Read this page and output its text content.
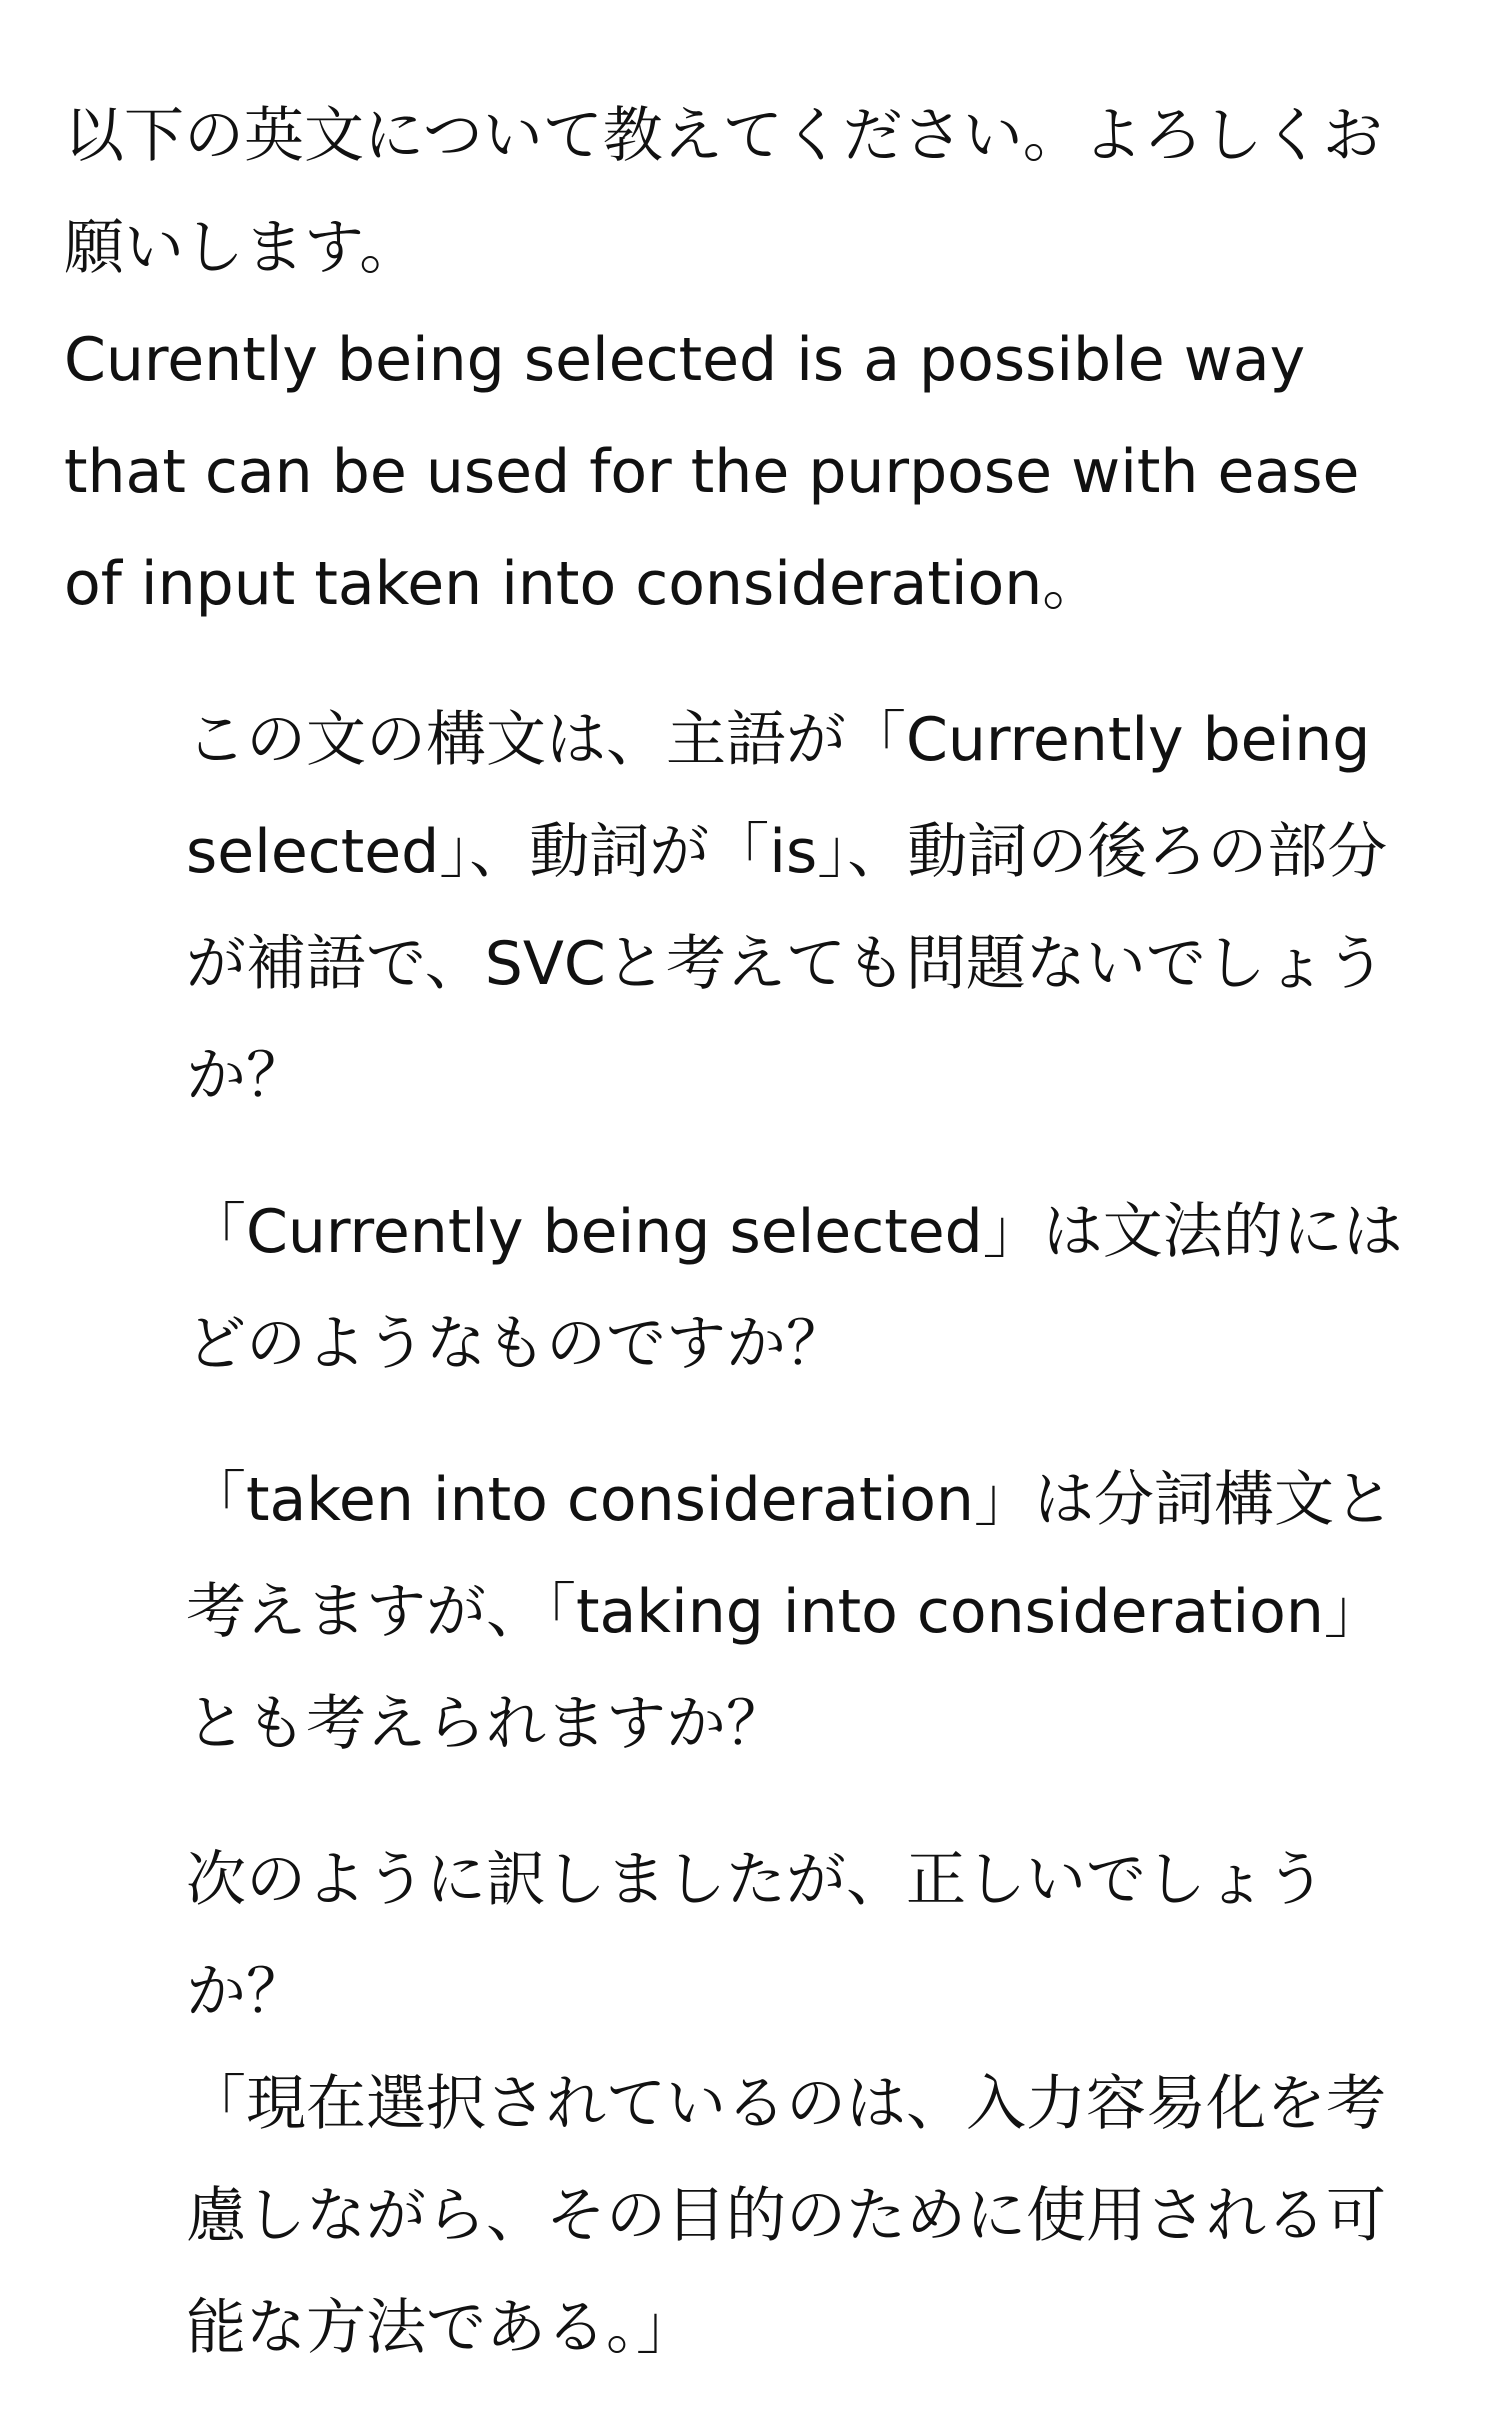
以下の英文について教えてください。よろしくお願いします。

Curently being selected is a possible way that can be used for the purpose with ease of input taken into consideration。

この文の構文は、主語が「Currently being selected」、動詞が「is」、動詞の後ろの部分が補語で、SVCと考えても問題ないでしょうか？

「Currently being selected」は文法的にはどのようなものですか？

「taken into consideration」は分詞構文と考えますが、「taking into consideration」とも考えられますか？

次のように訳しましたが、正しいでしょうか？

「現在選択されているのは、入力容易化を考慮しながら、その目的のために使用される可能な方法である。」
